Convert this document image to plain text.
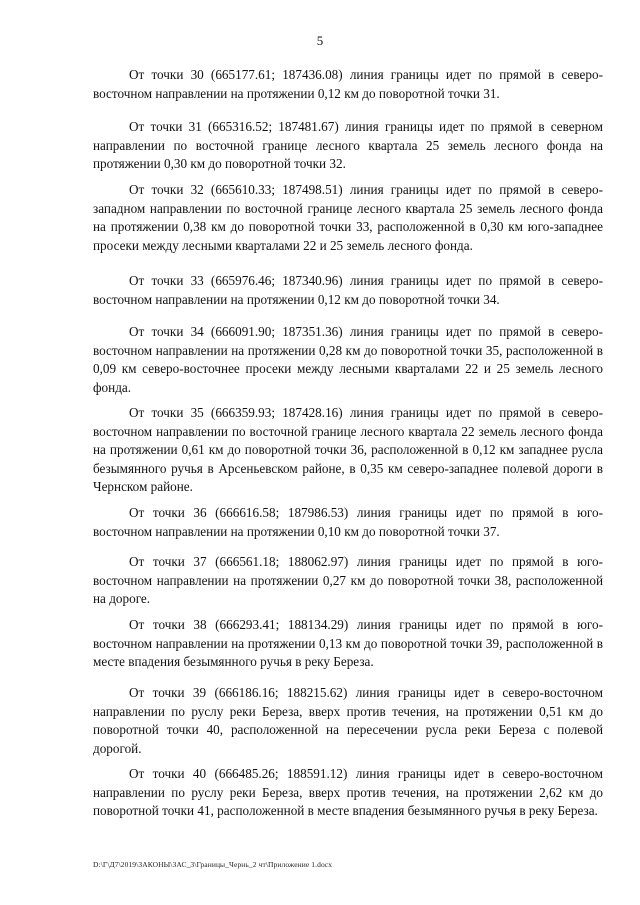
5

От точки 30 (665177.61; 187436.08) линия границы идет по прямой в северо-восточном направлении на протяжении 0,12 км до поворотной точки 31.

От точки 31 (665316.52; 187481.67) линия границы идет по прямой в северном направлении по восточной границе лесного квартала 25 земель лесного фонда на протяжении 0,30 км до поворотной точки 32.

От точки 32 (665610.33; 187498.51) линия границы идет по прямой в северо-западном направлении по восточной границе лесного квартала 25 земель лесного фонда на протяжении 0,38 км до поворотной точки 33, расположенной в 0,30 км юго-западнее просеки между лесными кварталами 22 и 25 земель лесного фонда.

От точки 33 (665976.46; 187340.96) линия границы идет по прямой в северо-восточном направлении на протяжении 0,12 км до поворотной точки 34.

От точки 34 (666091.90; 187351.36) линия границы идет по прямой в северо-восточном направлении на протяжении 0,28 км до поворотной точки 35, расположенной в 0,09 км северо-восточнее просеки между лесными кварталами 22 и 25 земель лесного фонда.

От точки 35 (666359.93; 187428.16) линия границы идет по прямой в северо-восточном направлении по восточной границе лесного квартала 22 земель лесного фонда на протяжении 0,61 км до поворотной точки 36, расположенной в 0,12 км западнее русла безымянного ручья в Арсеньевском районе, в 0,35 км северо-западнее полевой дороги в Чернском районе.

От точки 36 (666616.58; 187986.53) линия границы идет по прямой в юго-восточном направлении на протяжении 0,10 км до поворотной точки 37.

От точки 37 (666561.18; 188062.97) линия границы идет по прямой в юго-восточном направлении на протяжении 0,27 км до поворотной точки 38, расположенной на дороге.

От точки 38 (666293.41; 188134.29) линия границы идет по прямой в юго-восточном направлении на протяжении 0,13 км до поворотной точки 39, расположенной в месте впадения безымянного ручья в реку Береза.

От точки 39 (666186.16; 188215.62) линия границы идет в северо-восточном направлении по руслу реки Береза, вверх против течения, на протяжении 0,51 км до поворотной точки 40, расположенной на пересечении русла реки Береза с полевой дорогой.

От точки 40 (666485.26; 188591.12) линия границы идет в северо-восточном направлении по руслу реки Береза, вверх против течения, на протяжении 2,62 км до поворотной точки 41, расположенной в месте впадения безымянного ручья в реку Береза.

D:\Г\Д7\2019\ЗАКОНЫ\ЗАС_3\Границы_Чернь_2 чт\Приложение 1.docx
